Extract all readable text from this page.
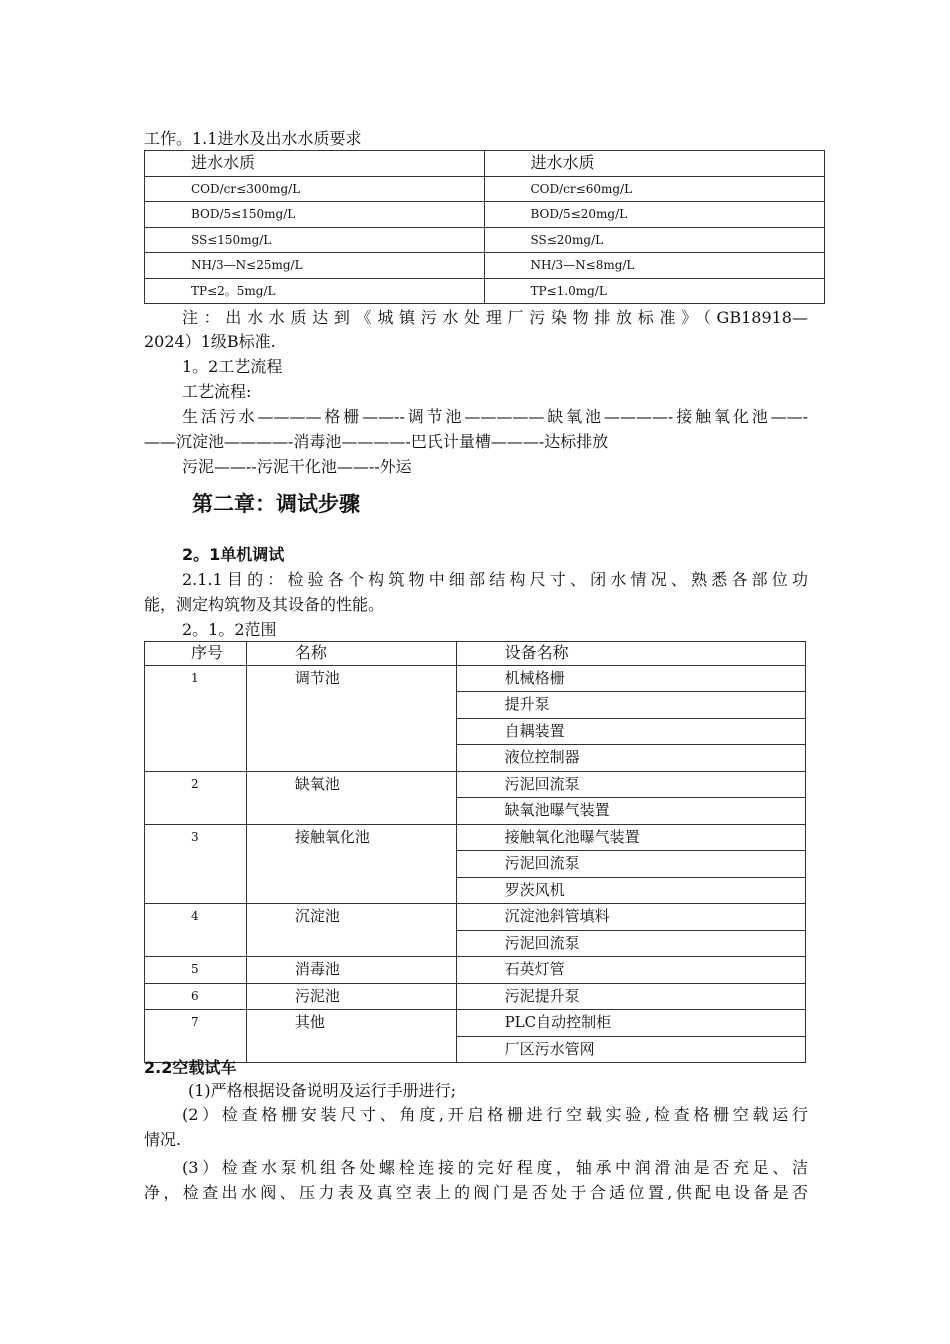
工作。1.1进水及出水水质要求
进水水质	进水水质
COD/cr≤300mg/L	COD/cr≤60mg/L
BOD/5≤150mg/L	BOD/5≤20mg/L
SS≤150mg/L	SS≤20mg/L
NH/3—N≤25mg/L	NH/3—N≤8mg/L
TP≤2。5mg/L	TP≤1.0mg/L
注：出水水质达到《城镇污水处理厂污染物排放标准》（GB18918—
2024）1级B标准.
1。2工艺流程
工艺流程:
生活污水————格栅——--调节池—————缺氧池————-接触氧化池——-
——沉淀池————-消毒池————-巴氏计量槽———-达标排放
污泥——--污泥干化池——--外运
第二章：调试步骤
2。1单机调试
2.1.1目的：检验各个构筑物中细部结构尺寸、闭水情况、熟悉各部位功
能，测定构筑物及其设备的性能。
2。1。2范围
序号	名称	设备名称
1	调节池	机械格栅
		提升泵
		自耦装置
		液位控制器
2	缺氧池	污泥回流泵
		缺氧池曝气装置
3	接触氧化池	接触氧化池曝气装置
		污泥回流泵
		罗茨风机
4	沉淀池	沉淀池斜管填料
		污泥回流泵
5	消毒池	石英灯管
6	污泥池	污泥提升泵
7	其他	PLC自动控制柜
		厂区污水管网
2.2空载试车
(1)严格根据设备说明及运行手册进行;
(2）检查格栅安装尺寸、角度,开启格栅进行空载实验,检查格栅空载运行
情况.
(3）检查水泵机组各处螺栓连接的完好程度，轴承中润滑油是否充足、洁
净，检查出水阀、压力表及真空表上的阀门是否处于合适位置,供配电设备是否
